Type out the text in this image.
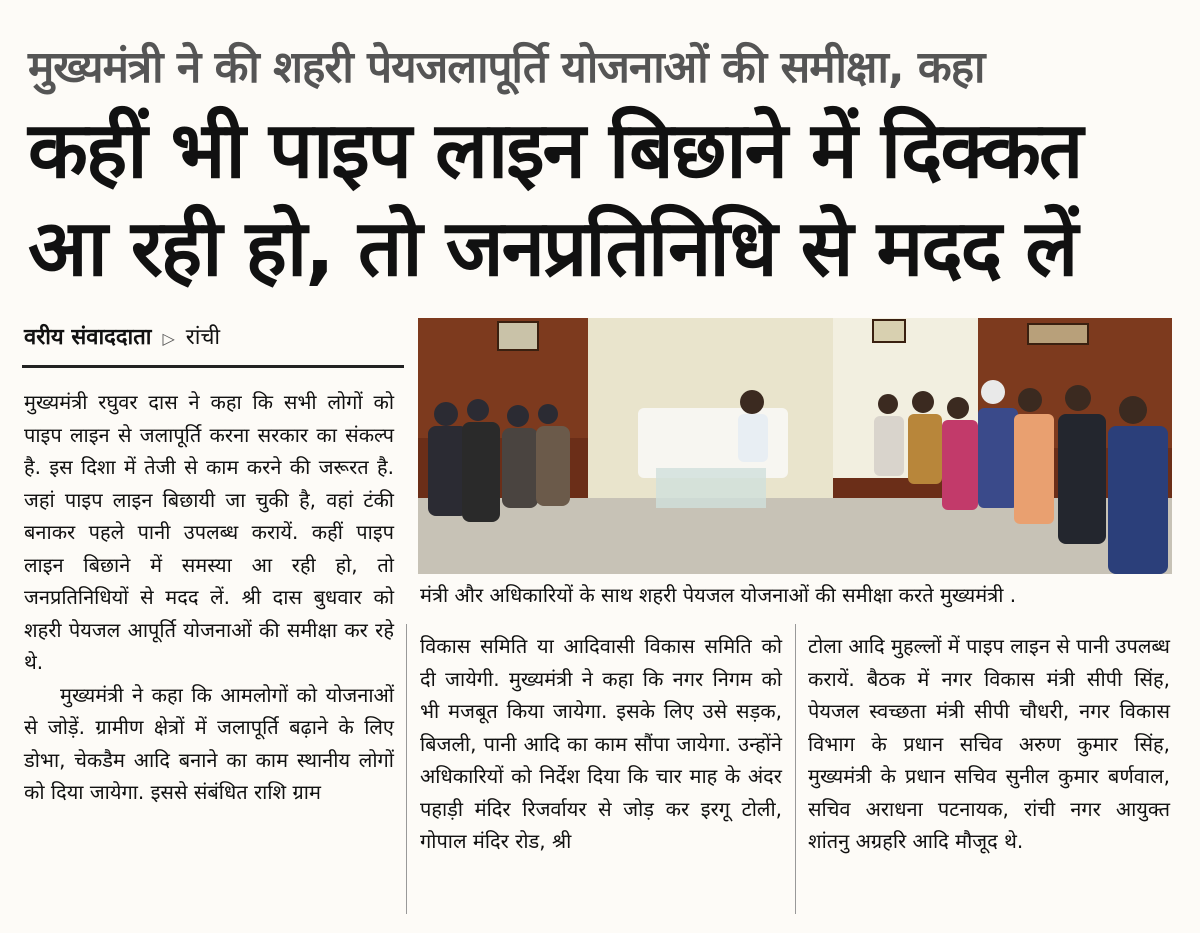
मुख्यमंत्री ने की शहरी पेयजलापूर्ति योजनाओं की समीक्षा, कहा
कहीं भी पाइप लाइन बिछाने में दिक्कत
आ रही हो, तो जनप्रतिनिधि से मदद लें
वरीय संवाददाता ▷ रांची

मुख्यमंत्री रघुवर दास ने कहा कि सभी लोगों को पाइप लाइन से जलापूर्ति करना सरकार का संकल्प है. इस दिशा में तेजी से काम करने की जरूरत है. जहां पाइप लाइन बिछायी जा चुकी है, वहां टंकी बनाकर पहले पानी उपलब्ध करायें. कहीं पाइप लाइन बिछाने में समस्या आ रही हो, तो जनप्रतिनिधियों से मदद लें. श्री दास बुधवार को शहरी पेयजल आपूर्ति योजनाओं की समीक्षा कर रहे थे.

मुख्यमंत्री ने कहा कि आमलोगों को योजनाओं से जोड़ें. ग्रामीण क्षेत्रों में जलापूर्ति बढ़ाने के लिए डोभा, चेकडैम आदि बनाने का काम स्थानीय लोगों को दिया जायेगा. इससे संबंधित राशि ग्राम

मंत्री और अधिकारियों के साथ शहरी पेयजल योजनाओं की समीक्षा करते मुख्यमंत्री .

विकास समिति या आदिवासी विकास समिति को दी जायेगी. मुख्यमंत्री ने कहा कि नगर निगम को भी मजबूत किया जायेगा. इसके लिए उसे सड़क, बिजली, पानी आदि का काम सौंपा जायेगा. उन्होंने अधिकारियों को निर्देश दिया कि चार माह के अंदर पहाड़ी मंदिर रिजर्वायर से जोड़ कर इरगू टोली, गोपाल मंदिर रोड, श्री

टोला आदि मुहल्लों में पाइप लाइन से पानी उपलब्ध करायें. बैठक में नगर विकास मंत्री सीपी सिंह, पेयजल स्वच्छता मंत्री सीपी चौधरी, नगर विकास विभाग के प्रधान सचिव अरुण कुमार सिंह, मुख्यमंत्री के प्रधान सचिव सुनील कुमार बर्णवाल, सचिव अराधना पटनायक, रांची नगर आयुक्त शांतनु अग्रहरि आदि मौजूद थे.
